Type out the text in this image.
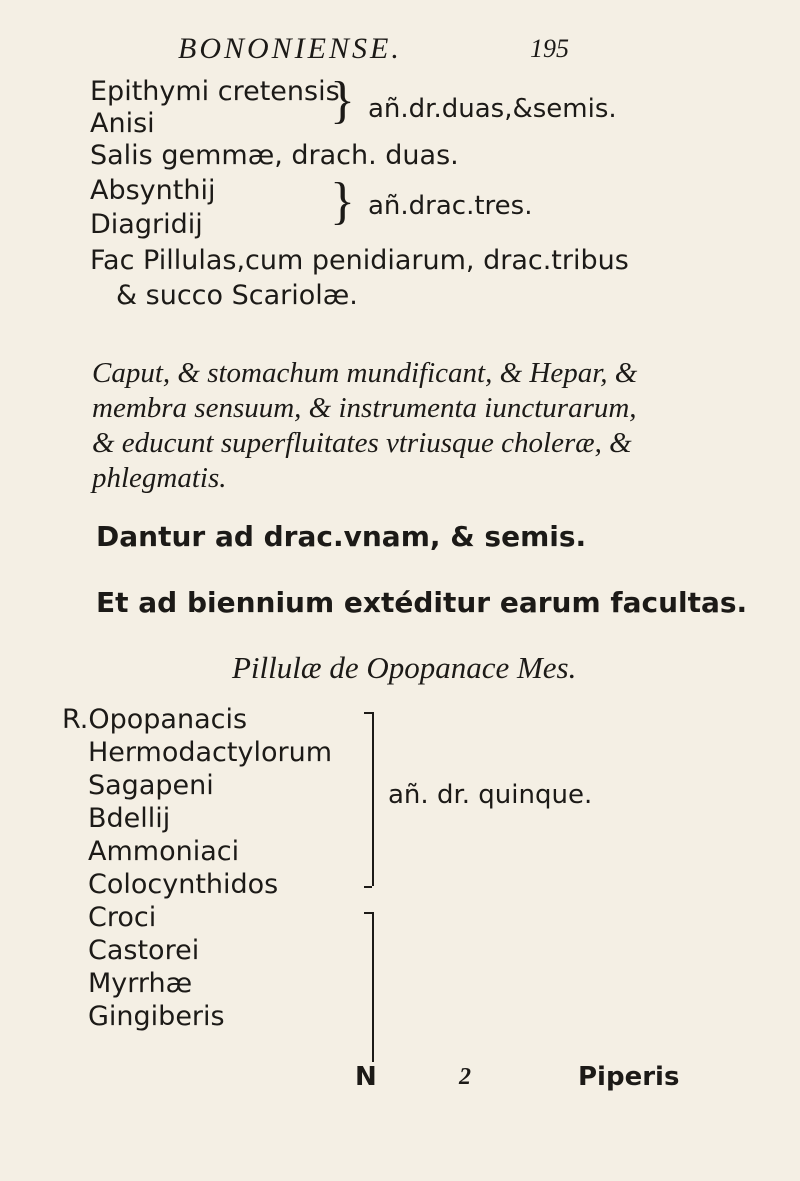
BONONIENSE.	195
Epithymi cretensis
Anisi	} añ.dr.duas,&semis.
Salis gemmæ, drach. duas.
Absynthij
Diagridij } añ.drac.tres.
Fac Pillulas,cum penidiarum, drac.tribus
& succo Scariolæ.
Caput, & stomachum mundificant, & Hepar, &
membra sensuum, & instrumenta iuncturarum,
& educunt superfluitates vtriusque choleræ, &
phlegmatis.
Dantur ad drac.vnam, & semis.
Et ad biennium extéditur earum facultas.
Pillulæ de Opopanace Mes.
R.Opopanacis
Hermodactylorum
Sagapeni
Bdellij
Ammoniaci
Colocynthidos
Croci
Castorei
Myrrhæ
Gingiberis
añ. dr. quinque.
N	2	Piperis
